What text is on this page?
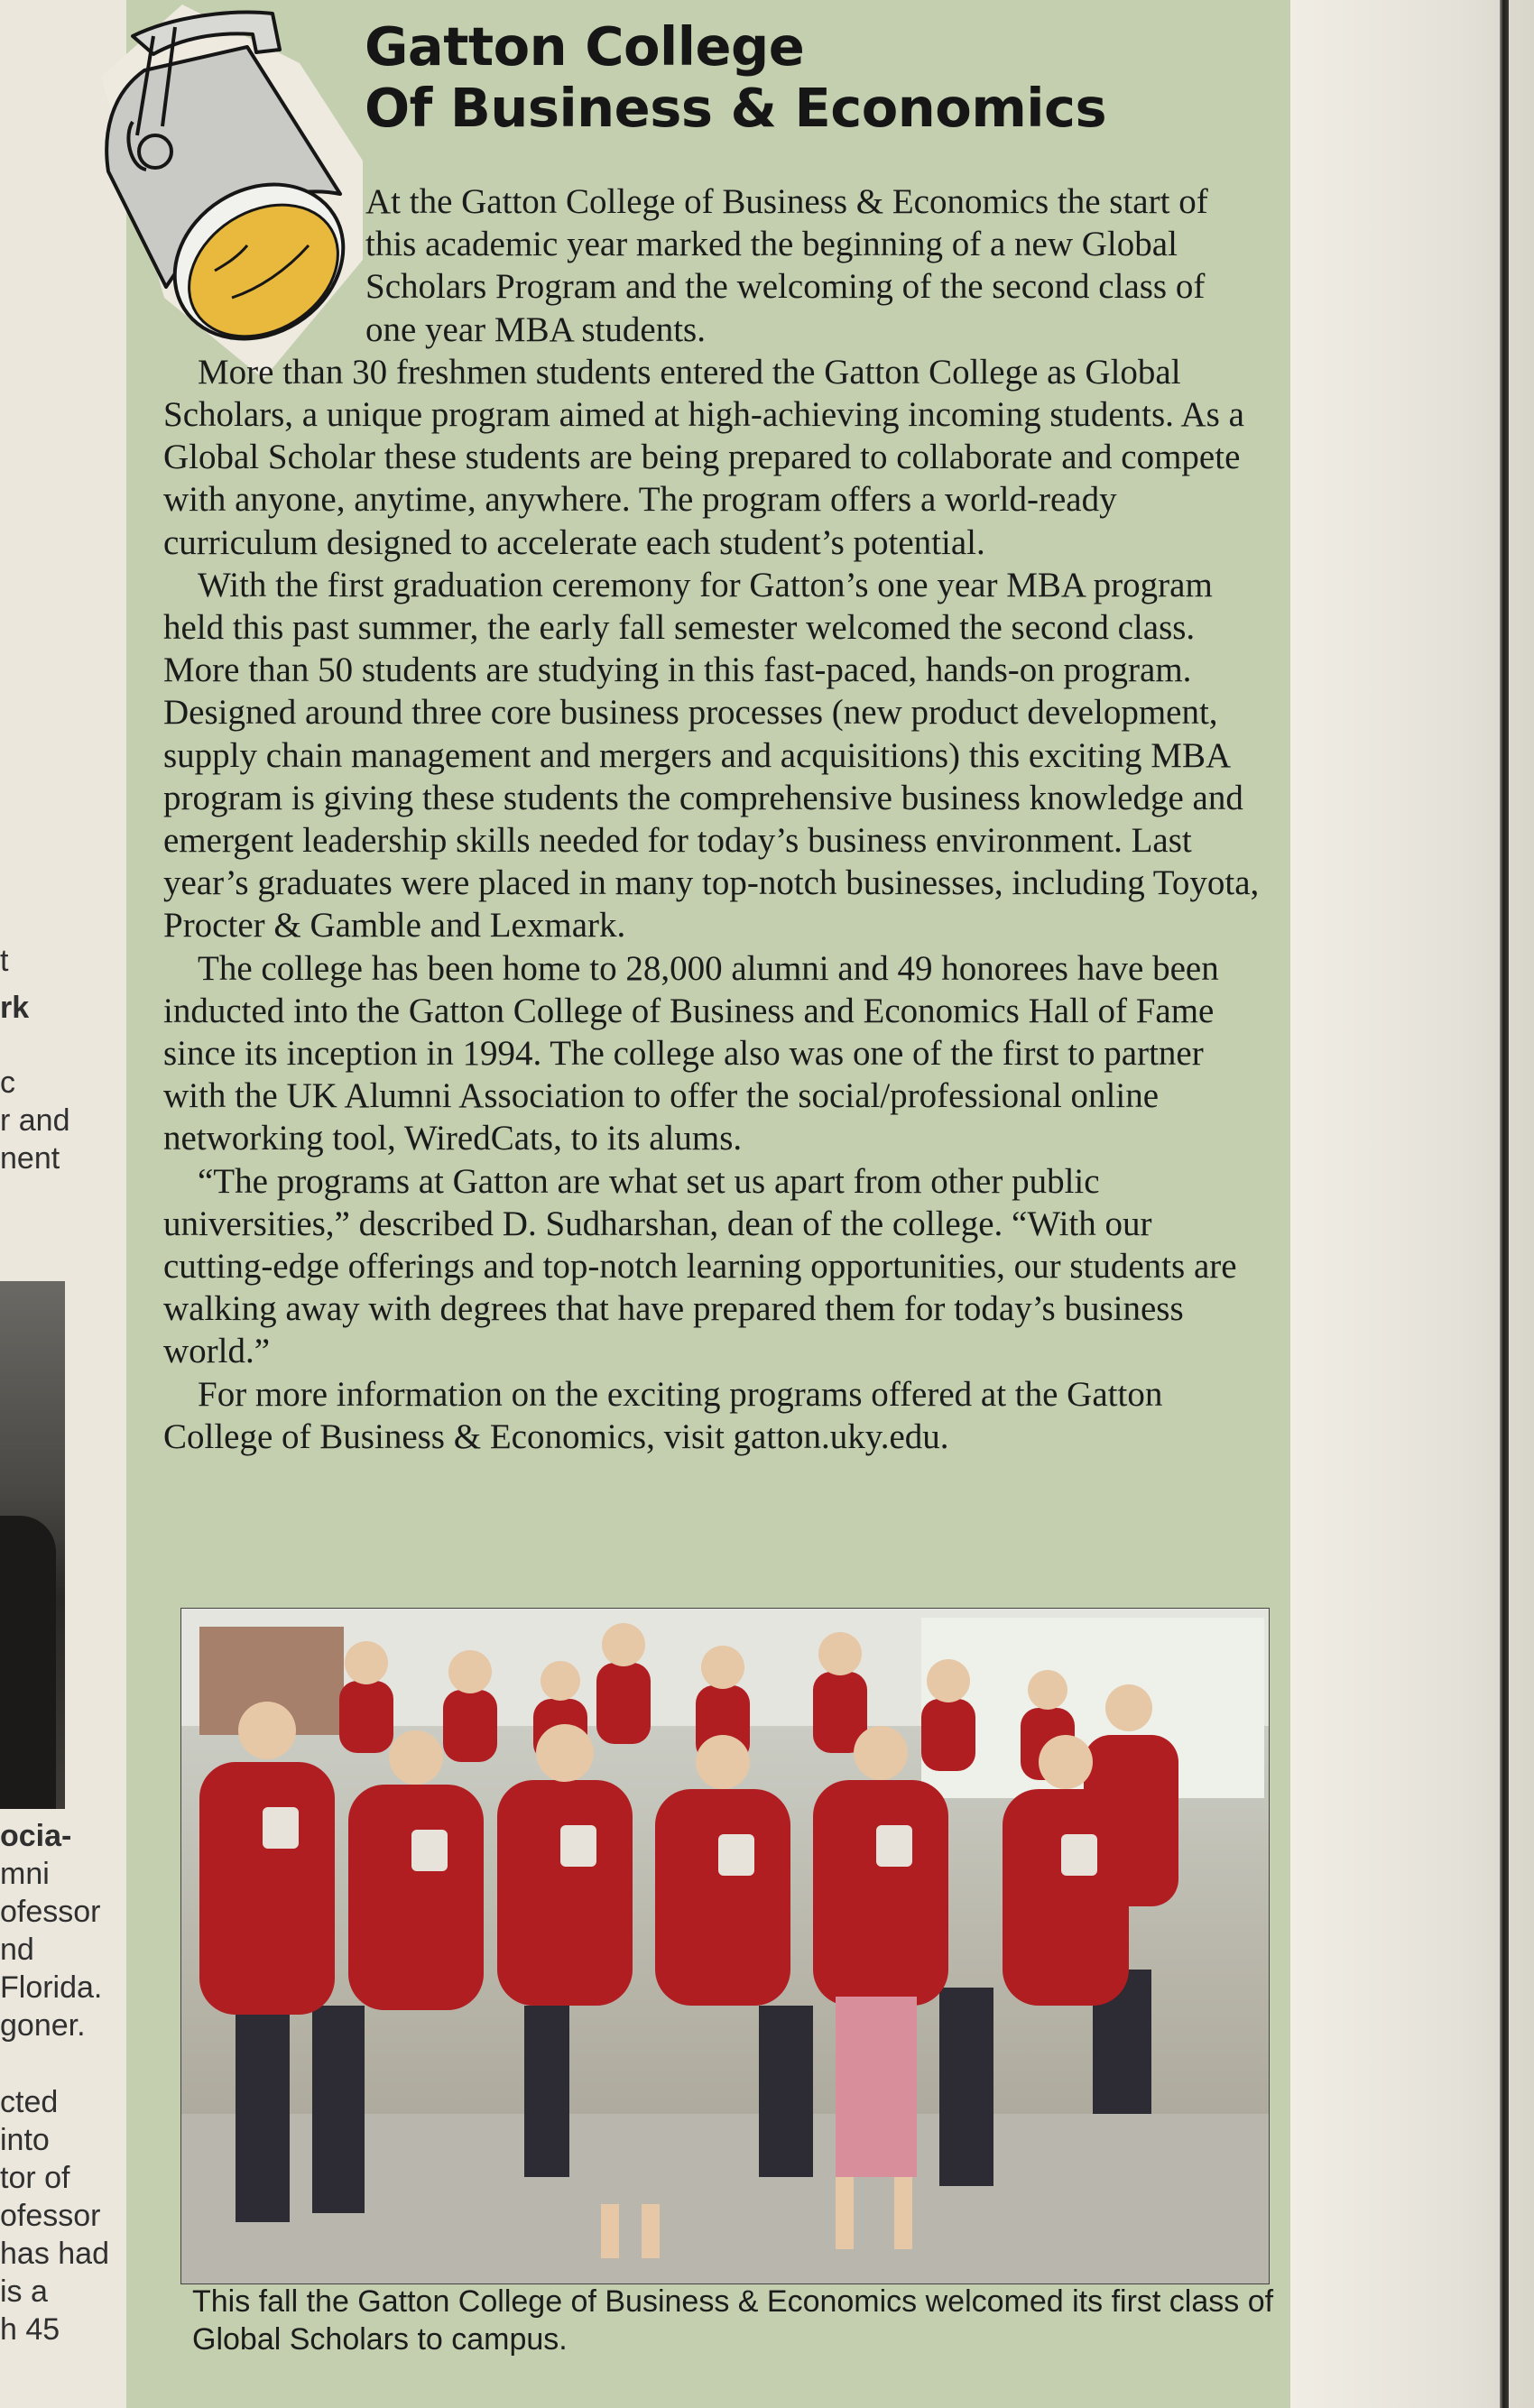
t
rk
c
r and
nent
ocia-
mni
ofessor
nd
Florida.
goner.
cted
into
tor of
ofessor
has had
is a
h 45
Gatton College
Of Business & Economics

At the Gatton College of Business & Economics the start of this academic year marked the beginning of a new Global Scholars Program and the welcoming of the second class of one year MBA students.

More than 30 freshmen students entered the Gatton College as Global Scholars, a unique program aimed at high-achieving incoming students. As a Global Scholar these students are being prepared to collaborate and compete with anyone, anytime, anywhere. The program offers a world-ready curriculum designed to accelerate each student’s potential.

With the first graduation ceremony for Gatton’s one year MBA program held this past summer, the early fall semester welcomed the second class. More than 50 students are studying in this fast-paced, hands-on program. Designed around three core business processes (new product development, supply chain management and mergers and acquisitions) this exciting MBA program is giving these students the comprehensive business knowledge and emergent leadership skills needed for today’s business environment. Last year’s graduates were placed in many top-notch businesses, including Toyota, Procter & Gamble and Lexmark.

The college has been home to 28,000 alumni and 49 honorees have been inducted into the Gatton College of Business and Economics Hall of Fame since its inception in 1994. The college also was one of the first to partner with the UK Alumni Association to offer the social/professional online networking tool, WiredCats, to its alums.

“The programs at Gatton are what set us apart from other public universities,” described D. Sudharshan, dean of the college. “With our cutting-edge offerings and top-notch learning opportunities, our students are walking away with degrees that have prepared them for today’s business world.”

For more information on the exciting programs offered at the Gatton College of Business & Economics, visit gatton.uky.edu.

This fall the Gatton College of Business & Economics welcomed its first class of Global Scholars to campus.
